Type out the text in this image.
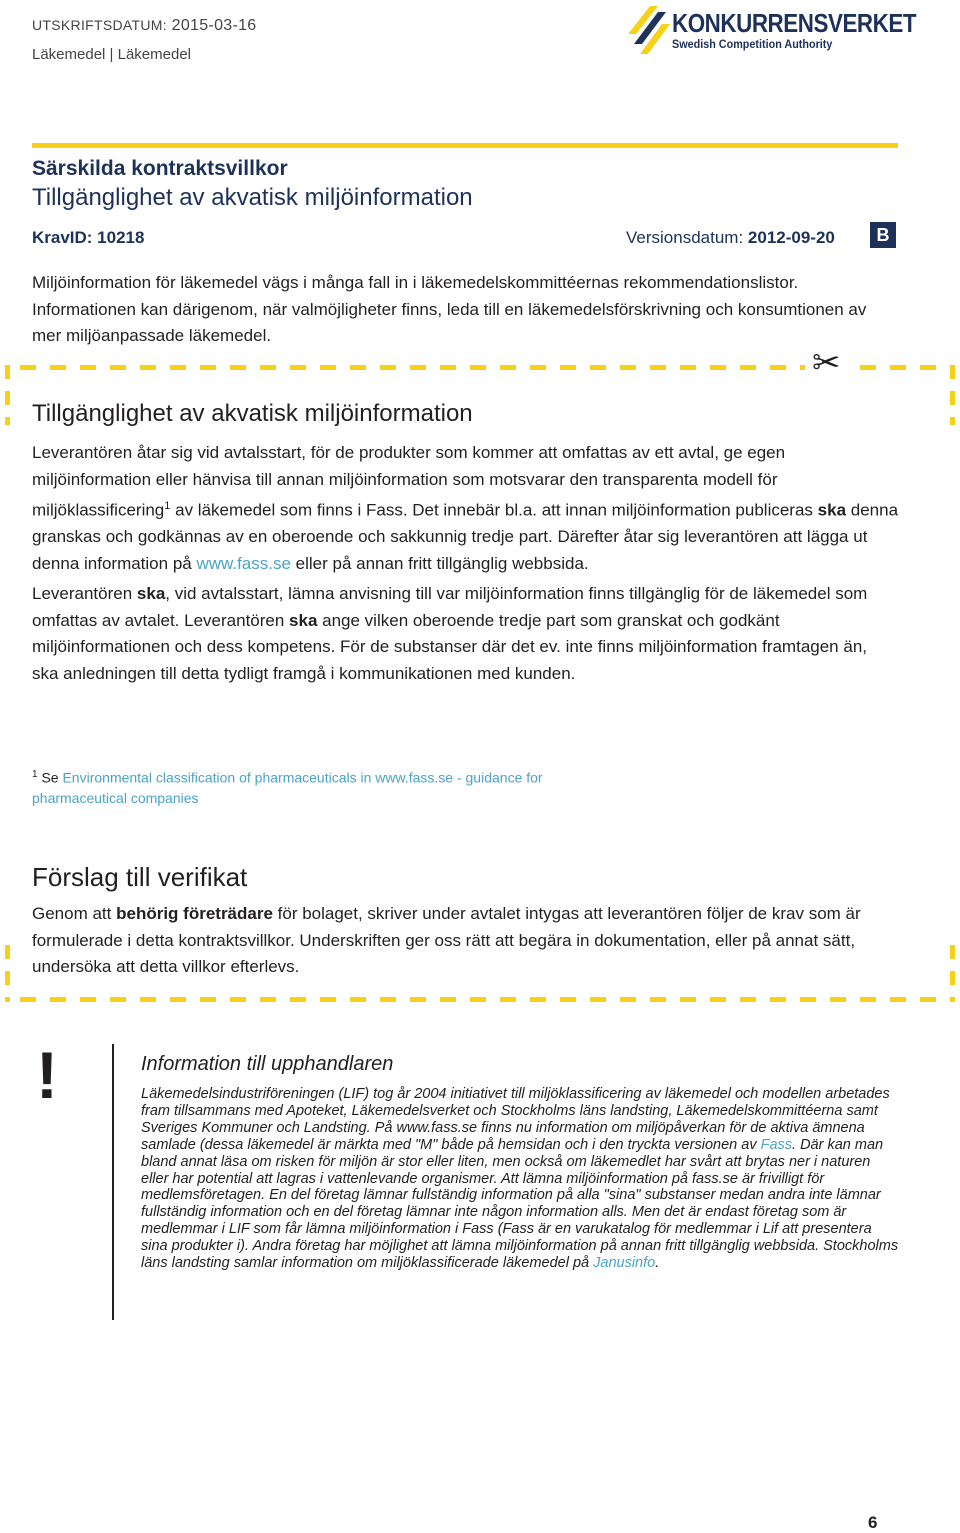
UTSKRIFTSDATUM: 2015-03-16
Läkemedel | Läkemedel
KONKURRENSVERKET
Swedish Competition Authority
Särskilda kontraktsvillkor
Tillgänglighet av akvatisk miljöinformation
KravID: 10218	Versionsdatum: 2012-09-20	B
Miljöinformation för läkemedel vägs i många fall in i läkemedelskommittéernas rekommendationslistor. Informationen kan därigenom, när valmöjligheter finns, leda till en läkemedelsförskrivning och konsumtionen av mer miljöanpassade läkemedel.
✂
Tillgänglighet av akvatisk miljöinformation
Leverantören åtar sig vid avtalsstart, för de produkter som kommer att omfattas av ett avtal, ge egen miljöinformation eller hänvisa till annan miljöinformation som motsvarar den transparenta modell för miljöklassificering$^1$ av läkemedel som finns i Fass. Det innebär bl.a. att innan miljöinformation publiceras ska denna granskas och godkännas av en oberoende och sakkunnig tredje part. Därefter åtar sig leverantören att lägga ut denna information på www.fass.se eller på annan fritt tillgänglig webbsida.
Leverantören ska, vid avtalsstart, lämna anvisning till var miljöinformation finns tillgänglig för de läkemedel som omfattas av avtalet. Leverantören ska ange vilken oberoende tredje part som granskat och godkänt miljöinformationen och dess kompetens. För de substanser där det ev. inte finns miljöinformation framtagen än, ska anledningen till detta tydligt framgå i kommunikationen med kunden.
$^1$ Se Environmental classification of pharmaceuticals in www.fass.se - guidance for pharmaceutical companies
Förslag till verifikat
Genom att behörig företrädare för bolaget, skriver under avtalet intygas att leverantören följer de krav som är formulerade i detta kontraktsvillkor. Underskriften ger oss rätt att begära in dokumentation, eller på annat sätt, undersöka att detta villkor efterlevs.
!	Information till upphandlaren
Läkemedelsindustriföreningen (LIF) tog år 2004 initiativet till miljöklassificering av läkemedel och modellen arbetades fram tillsammans med Apoteket, Läkemedelsverket och Stockholms läns landsting, Läkemedelskommittéerna samt Sveriges Kommuner och Landsting. På www.fass.se finns nu information om miljöpåverkan för de aktiva ämnena samlade (dessa läkemedel är märkta med "M" både på hemsidan och i den tryckta versionen av Fass. Där kan man bland annat läsa om risken för miljön är stor eller liten, men också om läkemedlet har svårt att brytas ner i naturen eller har potential att lagras i vattenlevande organismer. Att lämna miljöinformation på fass.se är frivilligt för medlemsföretagen. En del företag lämnar fullständig information på alla "sina" substanser medan andra inte lämnar fullständig information och en del företag lämnar inte någon information alls. Men det är endast företag som är medlemmar i LIF som får lämna miljöinformation i Fass (Fass är en varukatalog för medlemmar i Lif att presentera sina produkter i). Andra företag har möjlighet att lämna miljöinformation på annan fritt tillgänglig webbsida. Stockholms läns landsting samlar information om miljöklassificerade läkemedel på Janusinfo.
6
